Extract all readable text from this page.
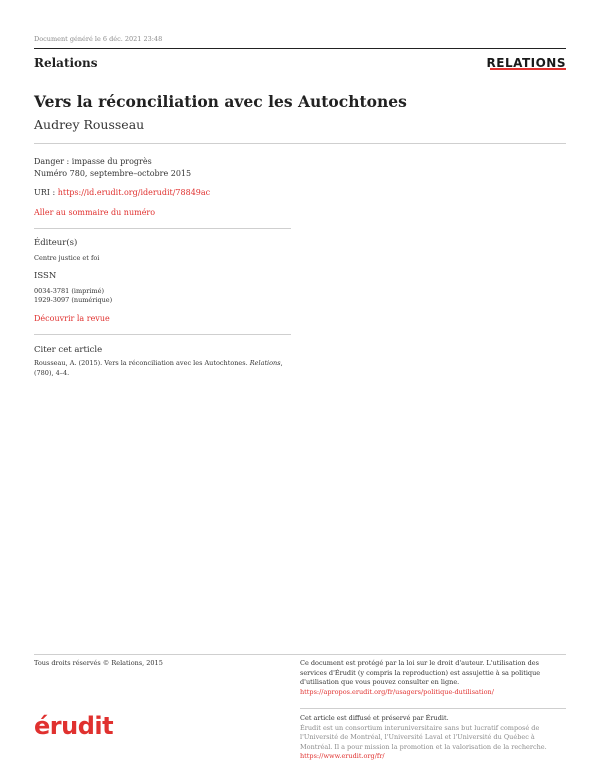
Document généré le 6 déc. 2021 23:48
Relations	RELATIONS
Vers la réconciliation avec les Autochtones
Audrey Rousseau
Danger : impasse du progrès
Numéro 780, septembre–octobre 2015
URI : https://id.erudit.org/iderudit/78849ac
Aller au sommaire du numéro
Éditeur(s)
Centre justice et foi
ISSN
0034-3781 (imprimé)
1929-3097 (numérique)
Découvrir la revue
Citer cet article
Rousseau, A. (2015). Vers la réconciliation avec les Autochtones. Relations, (780), 4–4.
Tous droits réservés © Relations, 2015	Ce document est protégé par la loi sur le droit d'auteur. L'utilisation des services d'Érudit (y compris la reproduction) est assujettie à sa politique d'utilisation que vous pouvez consulter en ligne.
https://apropos.erudit.org/fr/usagers/politique-dutilisation/
érudit	Cet article est diffusé et préservé par Érudit.
Érudit est un consortium interuniversitaire sans but lucratif composé de l'Université de Montréal, l'Université Laval et l'Université du Québec à Montréal. Il a pour mission la promotion et la valorisation de la recherche.
https://www.erudit.org/fr/
